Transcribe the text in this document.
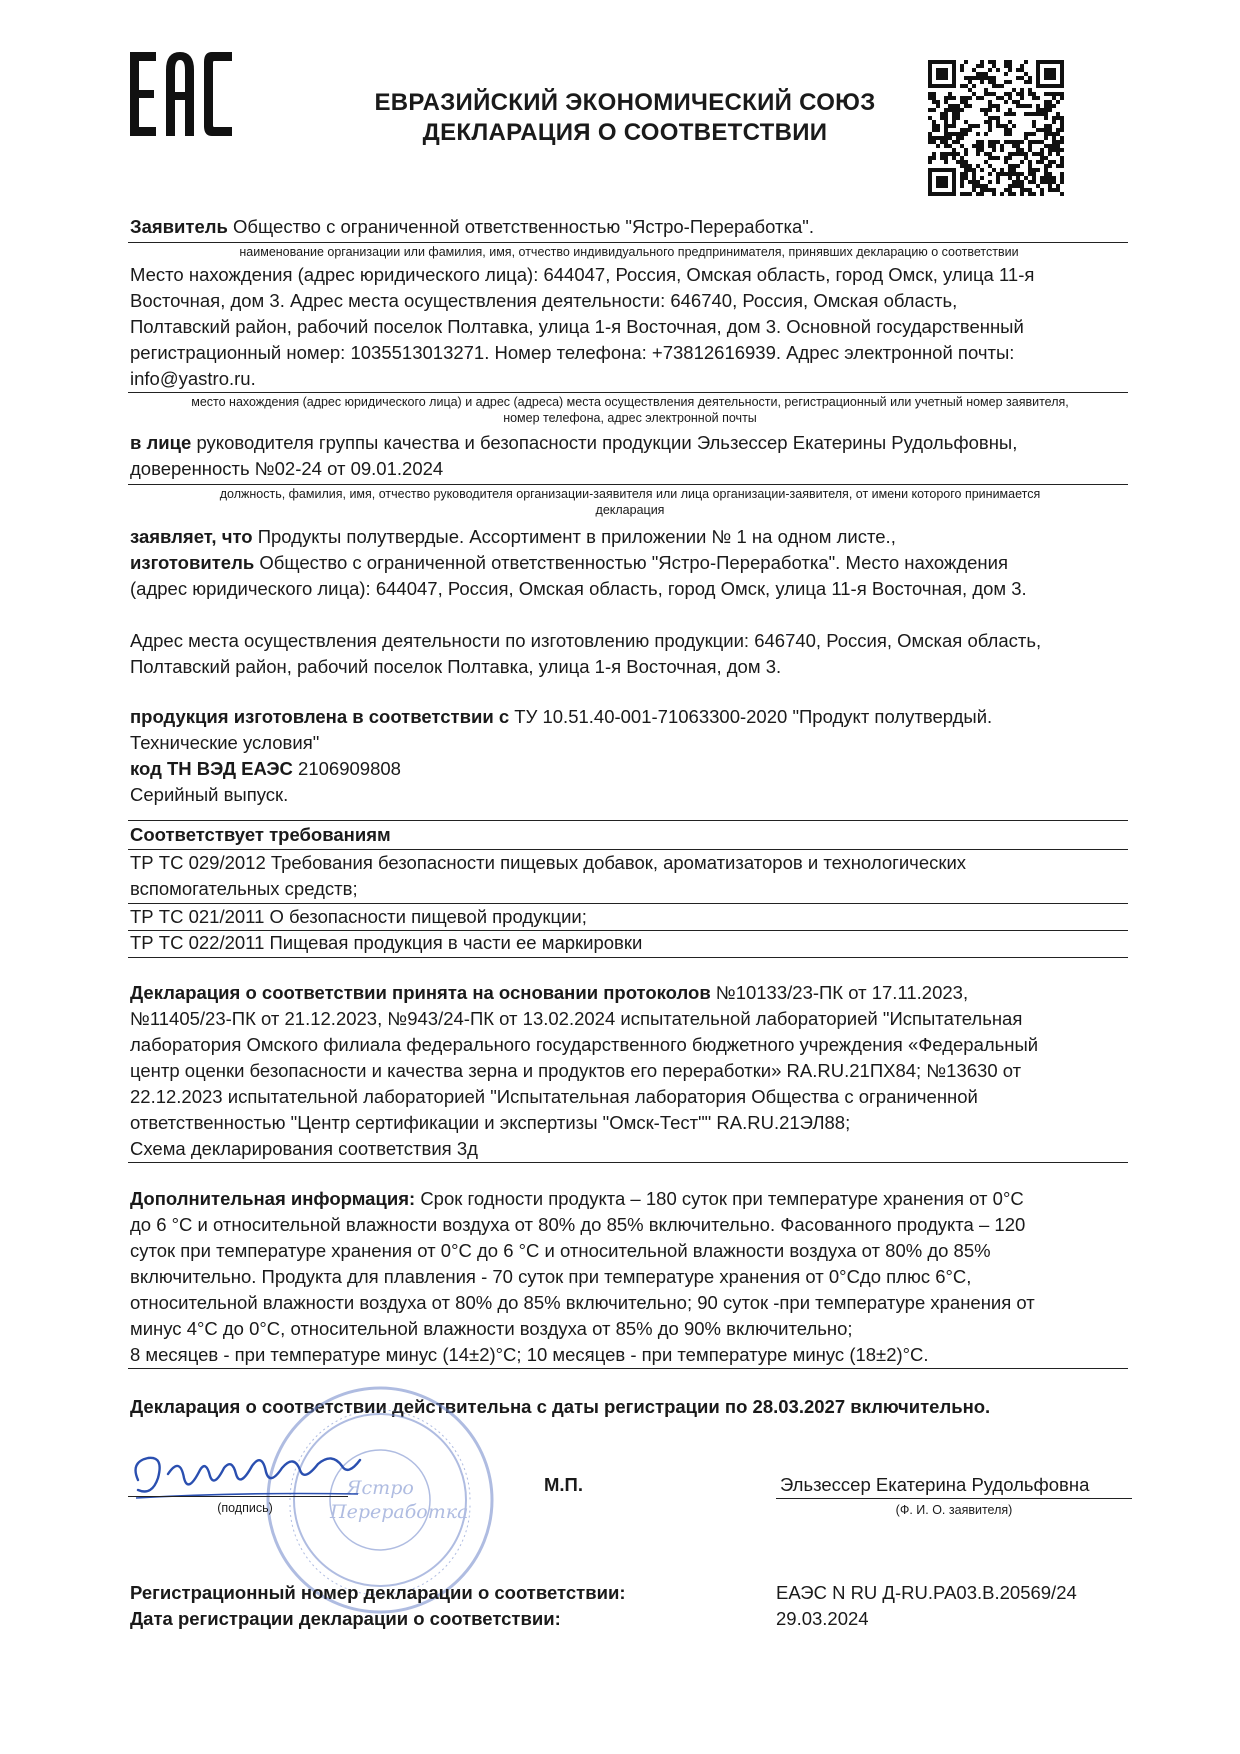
ЕВРАЗИЙСКИЙ ЭКОНОМИЧЕСКИЙ СОЮЗ
ДЕКЛАРАЦИЯ О СООТВЕТСТВИИ
Заявитель Общество с ограниченной ответственностью "Ястро-Переработка".
наименование организации или фамилия, имя, отчество индивидуального предпринимателя, принявших декларацию о соответствии
Место нахождения (адрес юридического лица): 644047, Россия, Омская область, город Омск, улица 11-я
Восточная, дом 3. Адрес места осуществления деятельности: 646740, Россия, Омская область,
Полтавский район, рабочий поселок Полтавка, улица 1-я Восточная, дом 3. Основной государственный
регистрационный номер: 1035513013271. Номер телефона: +73812616939. Адрес электронной почты:
info@yastro.ru.
место нахождения (адрес юридического лица) и адрес (адреса) места осуществления деятельности, регистрационный или учетный номер заявителя,
номер телефона, адрес электронной почты
в лице руководителя группы качества и безопасности продукции Эльзессер Екатерины Рудольфовны,
доверенность №02-24 от 09.01.2024
должность, фамилия, имя, отчество руководителя организации-заявителя или лица организации-заявителя, от имени которого принимается
декларация
заявляет, что Продукты полутвердые. Ассортимент в приложении № 1 на одном листе.,
изготовитель Общество с ограниченной ответственностью "Ястро-Переработка". Место нахождения
(адрес юридического лица): 644047, Россия, Омская область, город Омск, улица 11-я Восточная, дом 3.
Адрес места осуществления деятельности по изготовлению продукции: 646740, Россия, Омская область,
Полтавский район, рабочий поселок Полтавка, улица 1-я Восточная, дом 3.
продукция изготовлена в соответствии с ТУ 10.51.40-001-71063300-2020 "Продукт полутвердый.
Технические условия"
код ТН ВЭД ЕАЭС 2106909808
Серийный выпуск.
Соответствует требованиям
ТР ТС 029/2012 Требования безопасности пищевых добавок, ароматизаторов и технологических
вспомогательных средств;
ТР ТС 021/2011 О безопасности пищевой продукции;
ТР ТС 022/2011 Пищевая продукция в части ее маркировки
Декларация о соответствии принята на основании протоколов №10133/23-ПК от 17.11.2023,
№11405/23-ПК от 21.12.2023, №943/24-ПК от 13.02.2024 испытательной лабораторией "Испытательная
лаборатория Омского филиала федерального государственного бюджетного учреждения «Федеральный
центр оценки безопасности и качества зерна и продуктов его переработки» RA.RU.21ПХ84; №13630 от
22.12.2023 испытательной лабораторией "Испытательная лаборатория Общества с ограниченной
ответственностью "Центр сертификации и экспертизы "Омск-Тест"" RA.RU.21ЭЛ88;
Схема декларирования соответствия 3д
Дополнительная информация: Срок годности продукта – 180 суток при температуре хранения от 0°С
до 6 °С и относительной влажности воздуха от 80% до 85% включительно. Фасованного продукта – 120
суток при температуре хранения от 0°С до 6 °С и относительной влажности воздуха от 80% до 85%
включительно. Продукта для плавления - 70 суток при температуре хранения от 0°Сдо плюс 6°С,
относительной влажности воздуха от 80% до 85% включительно; 90 суток -при температуре хранения от
минус 4°С до 0°С, относительной влажности воздуха от 85% до 90% включительно;
8 месяцев - при температуре минус (14±2)°С; 10 месяцев - при температуре минус (18±2)°С.
Декларация о соответствии действительна с даты регистрации по 28.03.2027 включительно.
Ястро Переработка
(подпись)
М.П.	Эльзессер Екатерина Рудольфовна
(Ф. И. О. заявителя)
Регистрационный номер декларации о соответствии:	ЕАЭС N RU Д-RU.РА03.В.20569/24
Дата регистрации декларации о соответствии:	29.03.2024
